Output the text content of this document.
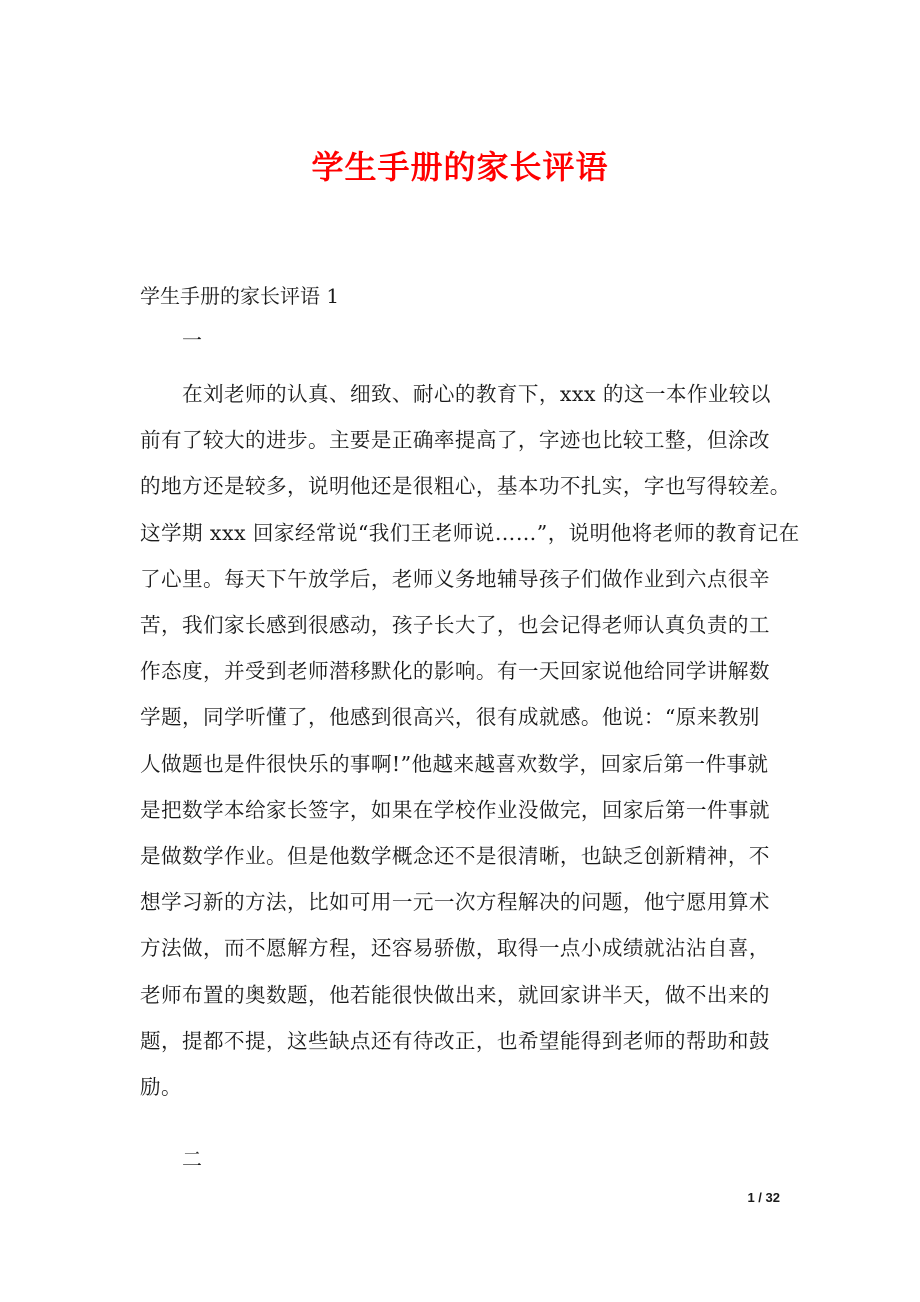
学生手册的家长评语
学生手册的家长评语 1

一

在刘老师的认真、细致、耐心的教育下，xxx 的这一本作业较以
前有了较大的进步。主要是正确率提高了，字迹也比较工整，但涂改
的地方还是较多，说明他还是很粗心，基本功不扎实，字也写得较差。
这学期 xxx 回家经常说“我们王老师说……”，说明他将老师的教育记在
了心里。每天下午放学后，老师义务地辅导孩子们做作业到六点很辛
苦，我们家长感到很感动，孩子长大了，也会记得老师认真负责的工
作态度，并受到老师潜移默化的影响。有一天回家说他给同学讲解数
学题，同学听懂了，他感到很高兴，很有成就感。他说：“原来教别
人做题也是件很快乐的事啊!”他越来越喜欢数学，回家后第一件事就
是把数学本给家长签字，如果在学校作业没做完，回家后第一件事就
是做数学作业。但是他数学概念还不是很清晰，也缺乏创新精神，不
想学习新的方法，比如可用一元一次方程解决的问题，他宁愿用算术
方法做，而不愿解方程，还容易骄傲，取得一点小成绩就沾沾自喜，
老师布置的奥数题，他若能很快做出来，就回家讲半天，做不出来的
题，提都不提，这些缺点还有待改正，也希望能得到老师的帮助和鼓
励。

二

1 / 32
